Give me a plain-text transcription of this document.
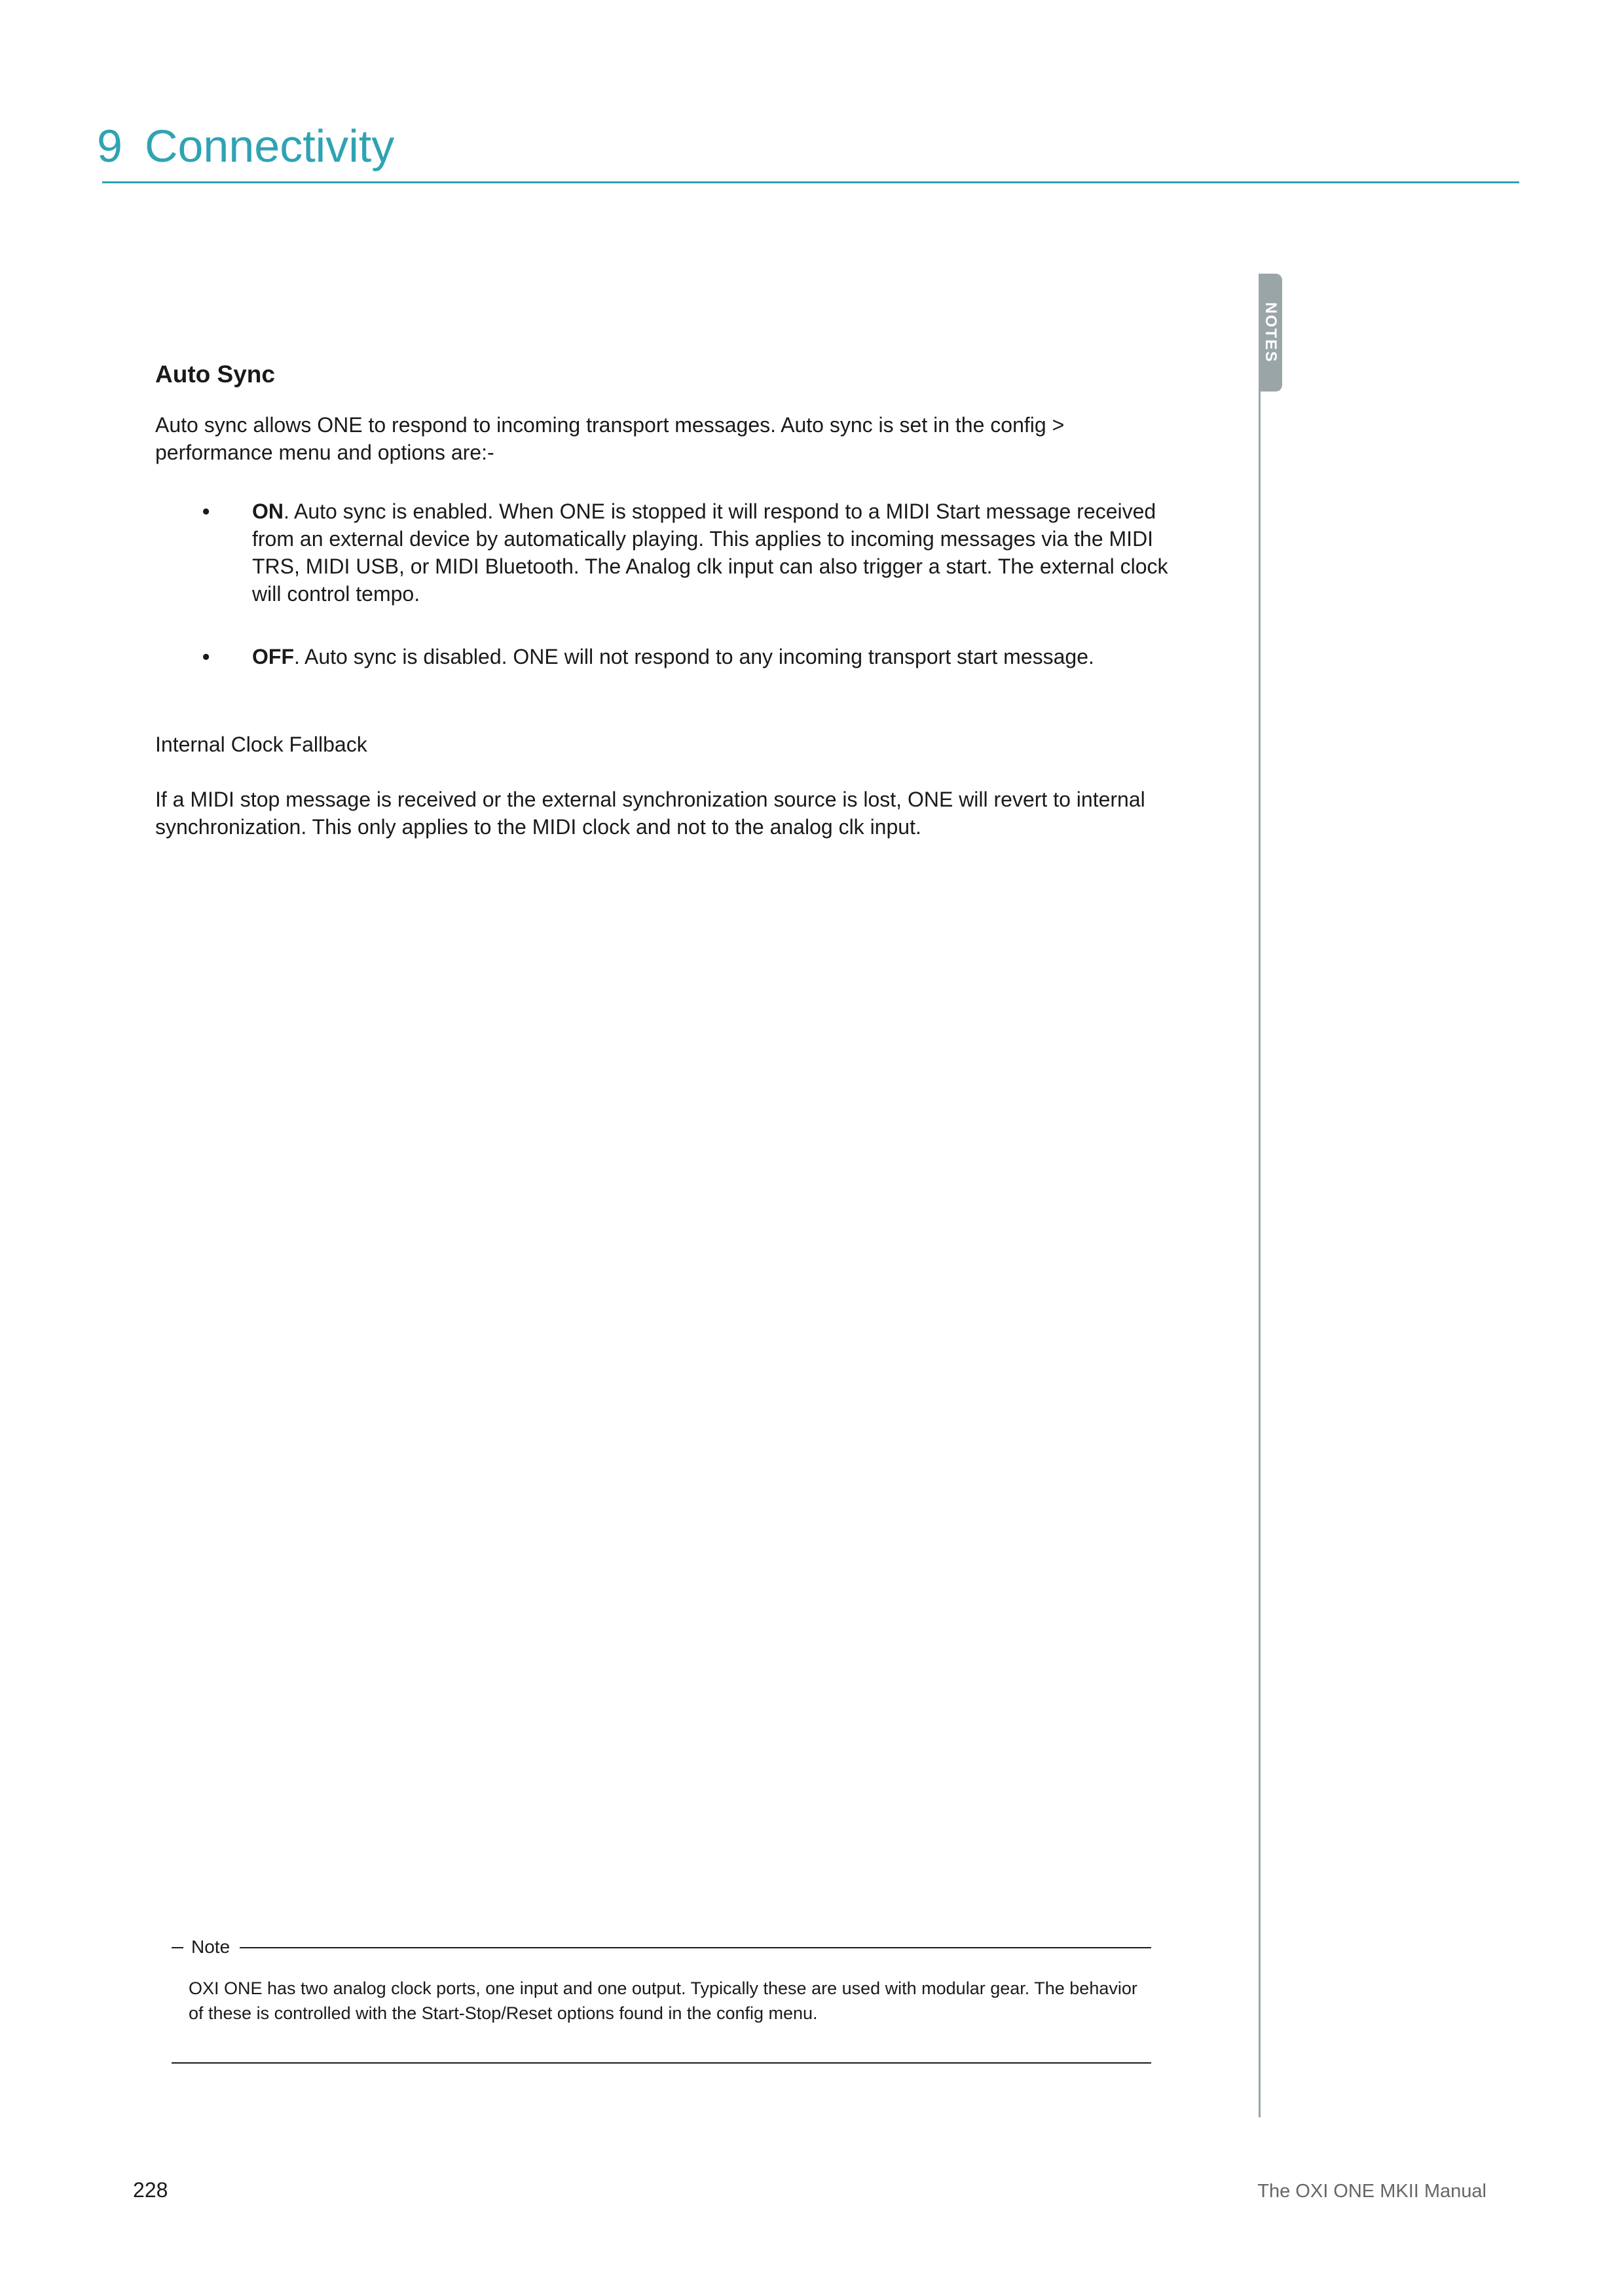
9 Connectivity
NOTES
Auto Sync
Auto sync allows ONE to respond to incoming transport messages. Auto sync is set in the config > performance menu and options are:-
• ON. Auto sync is enabled. When ONE is stopped it will respond to a MIDI Start message received from an external device by automatically playing. This applies to incoming messages via the MIDI TRS, MIDI USB, or MIDI Bluetooth. The Analog clk input can also trigger a start. The external clock will control tempo.
• OFF. Auto sync is disabled. ONE will not respond to any incoming transport start message.
Internal Clock Fallback
If a MIDI stop message is received or the external synchronization source is lost, ONE will revert to internal synchronization. This only applies to the MIDI clock and not to the analog clk input.
Note
OXI ONE has two analog clock ports, one input and one output. Typically these are used with modular gear. The behavior of these is controlled with the Start-Stop/Reset options found in the config menu.
228	The OXI ONE MKII Manual
